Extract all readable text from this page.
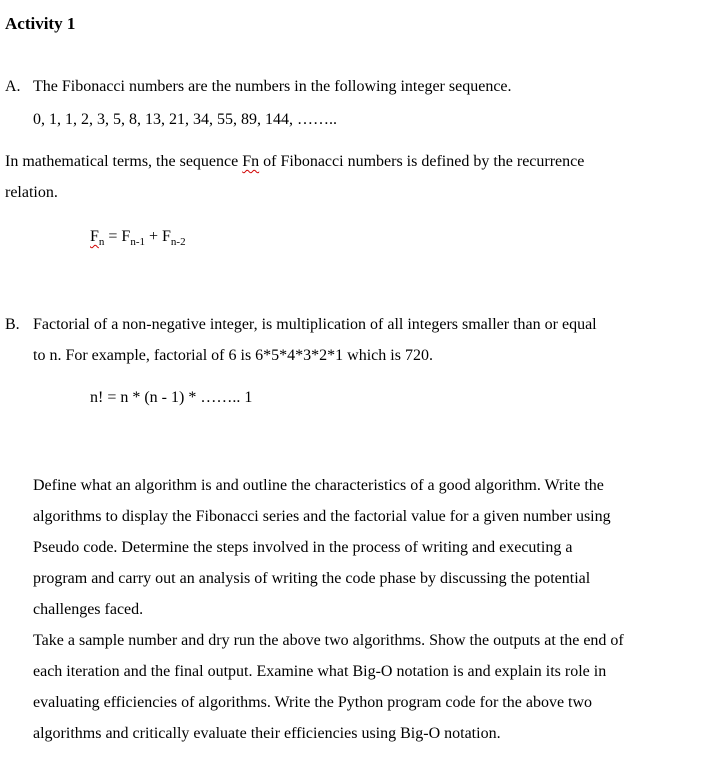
Activity 1
A. The Fibonacci numbers are the numbers in the following integer sequence.
0, 1, 1, 2, 3, 5, 8, 13, 21, 34, 55, 89, 144, ……..
In mathematical terms, the sequence Fn of Fibonacci numbers is defined by the recurrence
relation.
$F_n = F_{n-1} + F_{n-2}$
B. Factorial of a non-negative integer, is multiplication of all integers smaller than or equal
to n. For example, factorial of 6 is 6*5*4*3*2*1 which is 720.
n! = n * (n - 1) * …….. 1
Define what an algorithm is and outline the characteristics of a good algorithm. Write the
algorithms to display the Fibonacci series and the factorial value for a given number using
Pseudo code. Determine the steps involved in the process of writing and executing a
program and carry out an analysis of writing the code phase by discussing the potential
challenges faced.
Take a sample number and dry run the above two algorithms. Show the outputs at the end of
each iteration and the final output. Examine what Big-O notation is and explain its role in
evaluating efficiencies of algorithms. Write the Python program code for the above two
algorithms and critically evaluate their efficiencies using Big-O notation.
